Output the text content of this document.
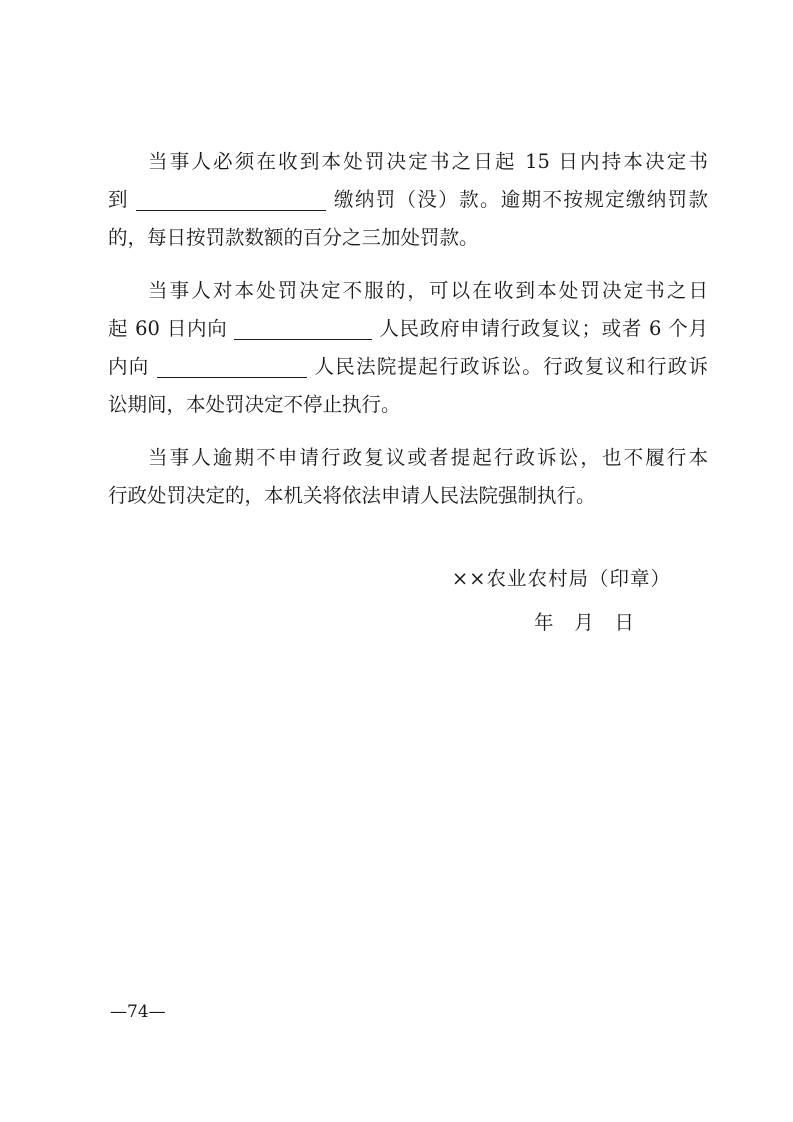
当事人必须在收到本处罚决定书之日起 15 日内持本决定书
到	缴纳罚（没）款。逾期不按规定缴纳罚款
的，每日按罚款数额的百分之三加处罚款。
当事人对本处罚决定不服的，可以在收到本处罚决定书之日
起 60 日内向	人民政府申请行政复议；或者 6 个月
内向	人民法院提起行政诉讼。行政复议和行政诉
讼期间，本处罚决定不停止执行。
当事人逾期不申请行政复议或者提起行政诉讼，也不履行本
行政处罚决定的，本机关将依法申请人民法院强制执行。
××农业农村局（印章）
年 月 日
—74—
